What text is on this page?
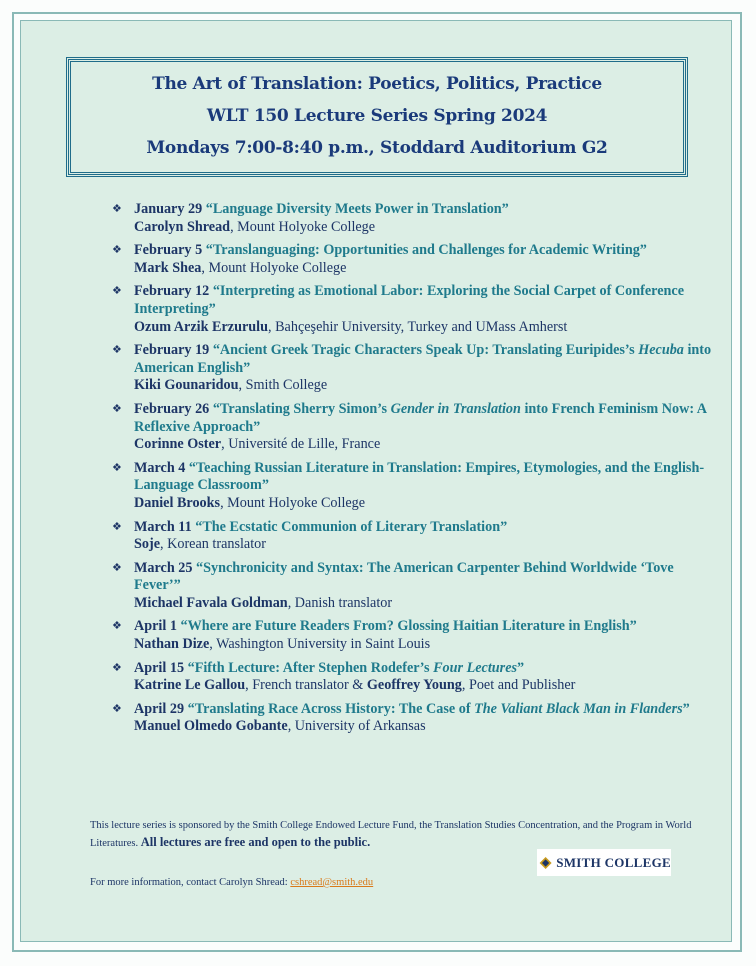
The Art of Translation: Poetics, Politics, Practice
WLT 150 Lecture Series Spring 2024
Mondays 7:00-8:40 p.m., Stoddard Auditorium G2
❖ January 29 “Language Diversity Meets Power in Translation”
Carolyn Shread, Mount Holyoke College
❖ February 5 “Translanguaging: Opportunities and Challenges for Academic Writing”
Mark Shea, Mount Holyoke College
❖ February 12 “Interpreting as Emotional Labor: Exploring the Social Carpet of Conference Interpreting”
Ozum Arzik Erzurulu, Bahçeşehir University, Turkey and UMass Amherst
❖ February 19 “Ancient Greek Tragic Characters Speak Up: Translating Euripides’s Hecuba into American English”
Kiki Gounaridou, Smith College
❖ February 26 “Translating Sherry Simon’s Gender in Translation into French Feminism Now: A Reflexive Approach”
Corinne Oster, Université de Lille, France
❖ March 4 “Teaching Russian Literature in Translation: Empires, Etymologies, and the English-Language Classroom”
Daniel Brooks, Mount Holyoke College
❖ March 11 “The Ecstatic Communion of Literary Translation”
Soje, Korean translator
❖ March 25 “Synchronicity and Syntax: The American Carpenter Behind Worldwide ‘Tove Fever’”
Michael Favala Goldman, Danish translator
❖ April 1 “Where are Future Readers From? Glossing Haitian Literature in English”
Nathan Dize, Washington University in Saint Louis
❖ April 15 “Fifth Lecture: After Stephen Rodefer’s Four Lectures”
Katrine Le Gallou, French translator & Geoffrey Young, Poet and Publisher
❖ April 29 “Translating Race Across History: The Case of The Valiant Black Man in Flanders”
Manuel Olmedo Gobante, University of Arkansas
This lecture series is sponsored by the Smith College Endowed Lecture Fund, the Translation Studies Concentration, and the Program in World Literatures. All lectures are free and open to the public.
SMITH COLLEGE
For more information, contact Carolyn Shread: cshread@smith.edu
